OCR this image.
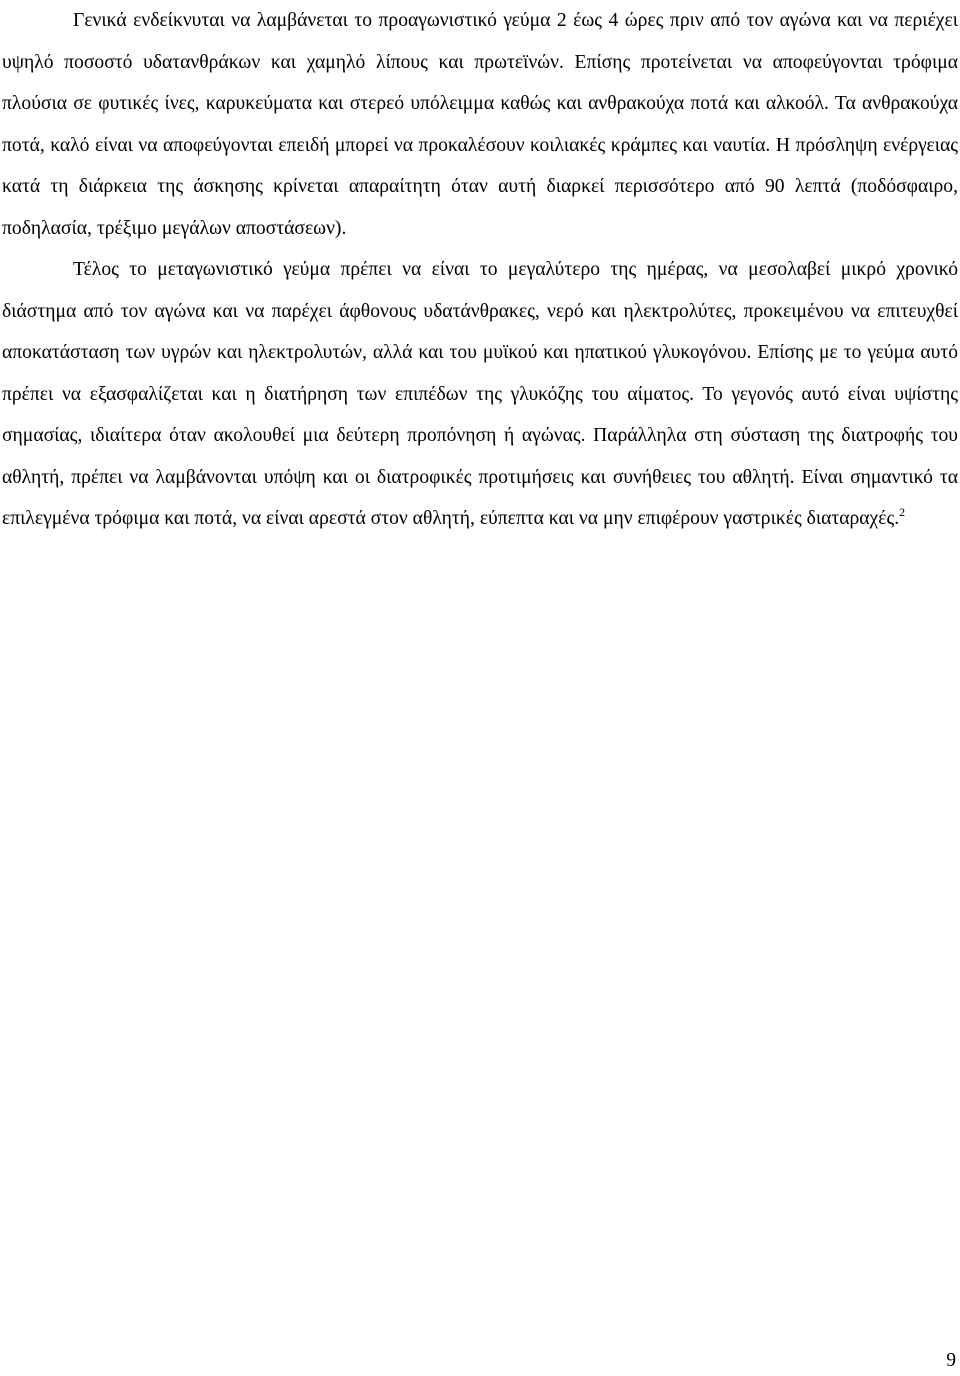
Γενικά ενδείκνυται να λαμβάνεται το προαγωνιστικό γεύμα 2 έως 4 ώρες πριν από τον αγώνα και να περιέχει υψηλό ποσοστό υδατανθράκων και χαμηλό λίπους και πρωτεϊνών. Επίσης προτείνεται να αποφεύγονται τρόφιμα πλούσια σε φυτικές ίνες, καρυκεύματα και στερεό υπόλειμμα καθώς και ανθρακούχα ποτά και αλκοόλ. Τα ανθρακούχα ποτά, καλό είναι να αποφεύγονται επειδή μπορεί να προκαλέσουν κοιλιακές κράμπες και ναυτία. Η πρόσληψη ενέργειας κατά τη διάρκεια της άσκησης κρίνεται απαραίτητη όταν αυτή διαρκεί περισσότερο από 90 λεπτά (ποδόσφαιρο, ποδηλασία, τρέξιμο μεγάλων αποστάσεων).

Τέλος το μεταγωνιστικό γεύμα πρέπει να είναι το μεγαλύτερο της ημέρας, να μεσολαβεί μικρό χρονικό διάστημα από τον αγώνα και να παρέχει άφθονους υδατάνθρακες, νερό και ηλεκτρολύτες, προκειμένου να επιτευχθεί αποκατάσταση των υγρών και ηλεκτρολυτών, αλλά και του μυϊκού και ηπατικού γλυκογόνου. Επίσης με το γεύμα αυτό πρέπει να εξασφαλίζεται και η διατήρηση των επιπέδων της γλυκόζης του αίματος. Το γεγονός αυτό είναι υψίστης σημασίας, ιδιαίτερα όταν ακολουθεί μια δεύτερη προπόνηση ή αγώνας. Παράλληλα στη σύσταση της διατροφής του αθλητή, πρέπει να λαμβάνονται υπόψη και οι διατροφικές προτιμήσεις και συνήθειες του αθλητή. Είναι σημαντικό τα επιλεγμένα τρόφιμα και ποτά, να είναι αρεστά στον αθλητή, εύπεπτα και να μην επιφέρουν γαστρικές διαταραχές.$^2$

9
